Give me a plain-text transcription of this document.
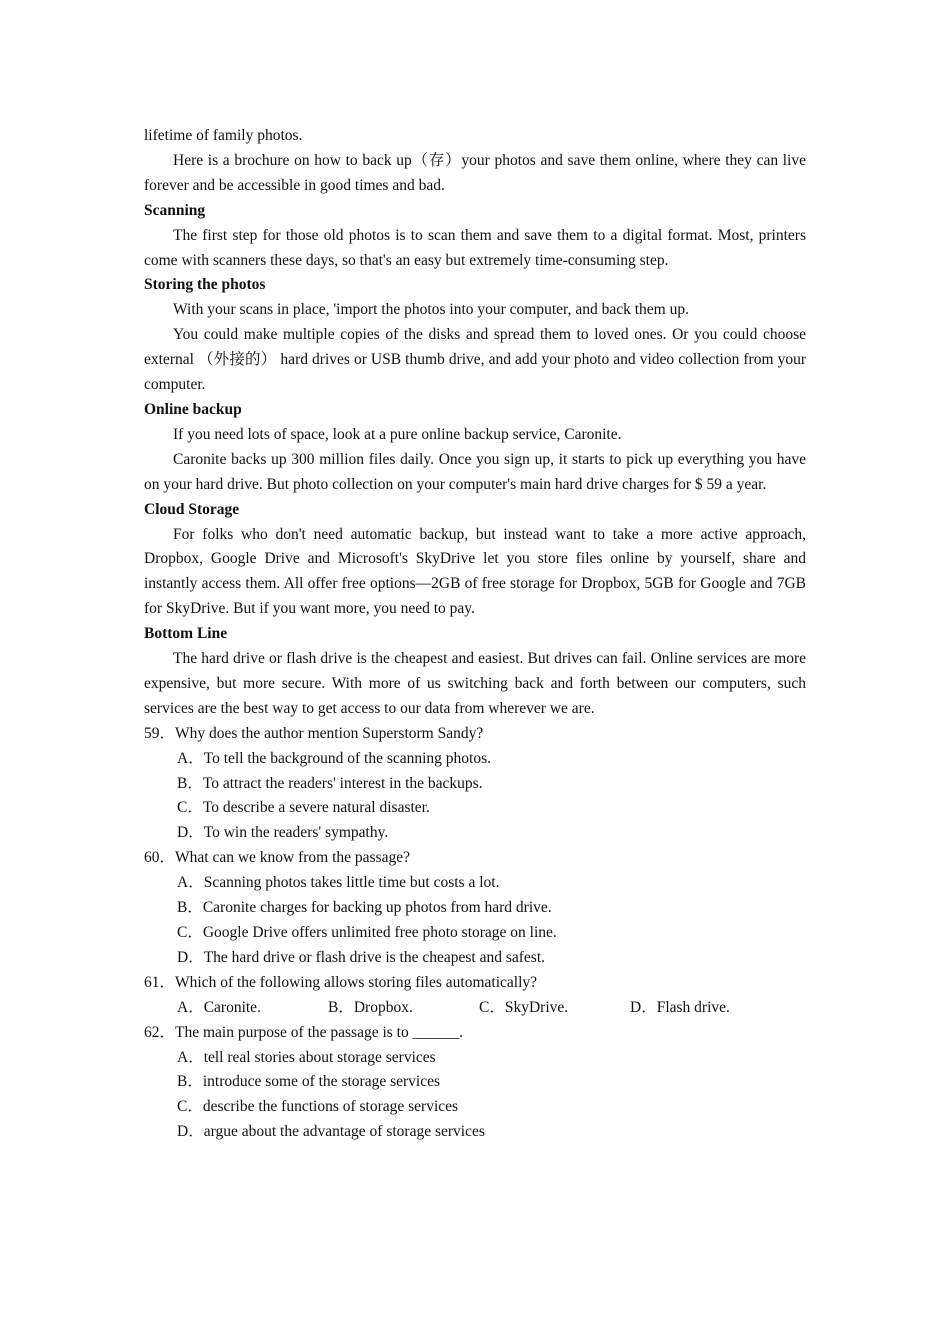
lifetime of family photos.

Here is a brochure on how to back up（存）your photos and save them online, where they can live forever and be accessible in good times and bad.

Scanning

The first step for those old photos is to scan them and save them to a digital format. Most, printers come with scanners these days, so that's an easy but extremely time-consuming step.

Storing the photos

With your scans in place, 'import the photos into your computer, and back them up.

You could make multiple copies of the disks and spread them to loved ones. Or you could choose external （外接的） hard drives or USB thumb drive, and add your photo and video collection from your computer.

Online backup

If you need lots of space, look at a pure online backup service, Caronite.

Caronite backs up 300 million files daily. Once you sign up, it starts to pick up everything you have on your hard drive. But photo collection on your computer's main hard drive charges for $ 59 a year.

Cloud Storage

For folks who don't need automatic backup, but instead want to take a more active approach, Dropbox, Google Drive and Microsoft's SkyDrive let you store files online by yourself, share and instantly access them. All offer free options—2GB of free storage for Dropbox, 5GB for Google and 7GB for SkyDrive. But if you want more, you need to pay.

Bottom Line

The hard drive or flash drive is the cheapest and easiest. But drives can fail. Online services are more expensive, but more secure. With more of us switching back and forth between our computers, such services are the best way to get access to our data from wherever we are.

59．Why does the author mention Superstorm Sandy?

A．To tell the background of the scanning photos.

B．To attract the readers' interest in the backups.

C．To describe a severe natural disaster.

D．To win the readers' sympathy.

60．What can we know from the passage?

A．Scanning photos takes little time but costs a lot.

B．Caronite charges for backing up photos from hard drive.

C．Google Drive offers unlimited free photo storage on line.

D．The hard drive or flash drive is the cheapest and safest.

61．Which of the following allows storing files automatically?

A．Caronite.	B．Dropbox.	C．SkyDrive.	D．Flash drive.

62．The main purpose of the passage is to ______.

A．tell real stories about storage services

B．introduce some of the storage services

C．describe the functions of storage services

D．argue about the advantage of storage services
